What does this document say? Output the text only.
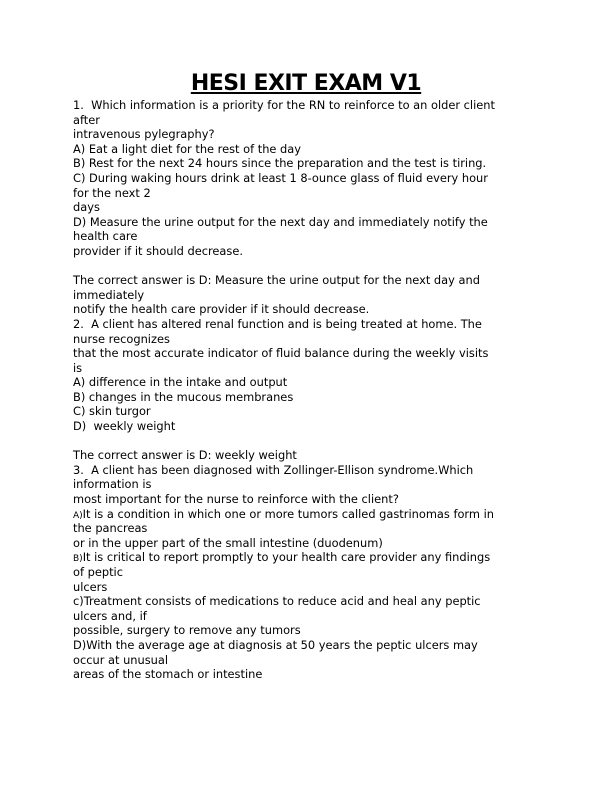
HESI EXIT EXAM V1
1.  Which information is a priority for the RN to reinforce to an older client
after
intravenous pylegraphy?
A) Eat a light diet for the rest of the day
B) Rest for the next 24 hours since the preparation and the test is tiring.
C) During waking hours drink at least 1 8-ounce glass of fluid every hour
for the next 2
days
D) Measure the urine output for the next day and immediately notify the
health care
provider if it should decrease.
The correct answer is D: Measure the urine output for the next day and
immediately
notify the health care provider if it should decrease.
2.  A client has altered renal function and is being treated at home. The
nurse recognizes
that the most accurate indicator of fluid balance during the weekly visits
is
A) difference in the intake and output
B) changes in the mucous membranes
C) skin turgor
D)  weekly weight
The correct answer is D: weekly weight
3.  A client has been diagnosed with Zollinger-Ellison syndrome.Which
information is
most important for the nurse to reinforce with the client?
A)It is a condition in which one or more tumors called gastrinomas form in
the pancreas
or in the upper part of the small intestine (duodenum)
B)It is critical to report promptly to your health care provider any findings
of peptic
ulcers
c)Treatment consists of medications to reduce acid and heal any peptic
ulcers and, if
possible, surgery to remove any tumors
D)With the average age at diagnosis at 50 years the peptic ulcers may
occur at unusual
areas of the stomach or intestine
